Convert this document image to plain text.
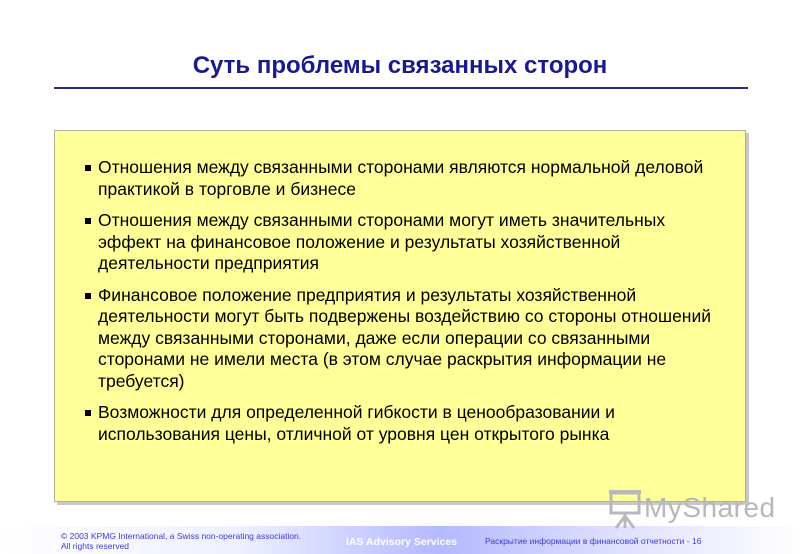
Суть проблемы связанных сторон
Отношения между связанными сторонами являются нормальной деловой практикой в торговле и бизнесе
Отношения между связанными сторонами могут иметь значительных эффект на финансовое положение и результаты хозяйственной деятельности предприятия
Финансовое положение предприятия и результаты хозяйственной деятельности могут быть подвержены воздействию со стороны отношений между связанными сторонами, даже если операции со связанными сторонами не имели места (в этом случае раскрытия информации не требуется)
Возможности для определенной гибкости в ценообразовании и использования цены, отличной от уровня цен открытого рынка
© 2003 KPMG International, a Swiss non-operating association.
All rights reserved	IAS Advisory Services	Раскрытие информации в финансовой отчетности - 16
MyShared
